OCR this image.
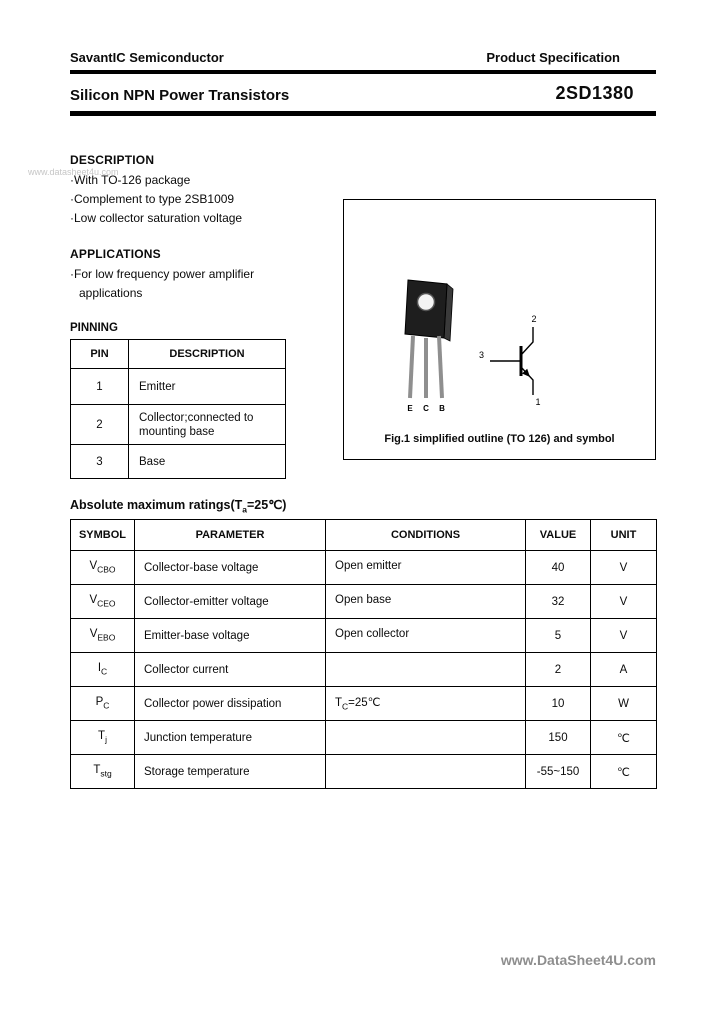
SavantIC Semiconductor	Product Specification
Silicon NPN Power Transistors	2SD1380
www.datasheet4u.com
DESCRIPTION
·With TO-126 package
·Complement to type 2SB1009
·Low collector saturation voltage
APPLICATIONS
·For low frequency power amplifier
applications
PINNING
PIN	DESCRIPTION
1	Emitter
2	Collector;connected to mounting base
3	Base
E C B
2
3
1
Fig.1 simplified outline (TO 126) and symbol
Absolute maximum $ratings(T_a=25℃)$
SYMBOL	PARAMETER	CONDITIONS	VALUE	UNIT
$V_{CBO}$	Collector-base voltage	Open emitter	40	V
$V_{CEO}$	Collector-emitter voltage	Open base	32	V
$V_{EBO}$	Emitter-base voltage	Open collector	5	V
$I_C$	Collector current		2	A
$P_C$	Collector power dissipation	$T_C=25℃$	10	W
$T_j$	Junction temperature		150	℃
$T_{stg}$	Storage temperature		-55~150	℃
www.DataSheet4U.com
